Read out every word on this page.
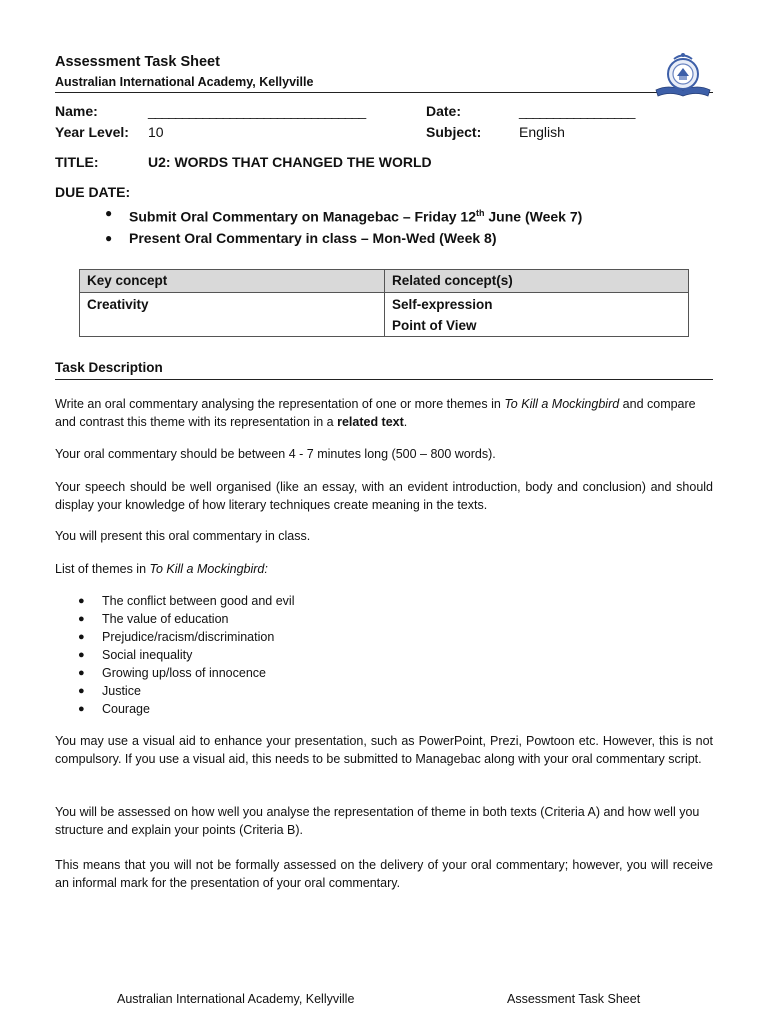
Assessment Task Sheet
Australian International Academy, Kellyville
Name:	________________________________	Date:	_________________
Year Level: 10	Subject:	English
TITLE:	U2: WORDS THAT CHANGED THE WORLD
DUE DATE:
● Submit Oral Commentary on Managebac – Friday 12th June (Week 7)
● Present Oral Commentary in class – Mon-Wed (Week 8)
Key concept	Related concept(s)
Creativity	Self-expression
Point of View
Task Description

Write an oral commentary analysing the representation of one or more themes in To Kill a Mockingbird and compare and contrast this theme with its representation in a related text.

Your oral commentary should be between 4 - 7 minutes long (500 – 800 words).

Your speech should be well organised (like an essay, with an evident introduction, body and conclusion) and should display your knowledge of how literary techniques create meaning in the texts.

You will present this oral commentary in class.

List of themes in To Kill a Mockingbird:

● The conflict between good and evil
● The value of education
● Prejudice/racism/discrimination
● Social inequality
● Growing up/loss of innocence
● Justice
● Courage

You may use a visual aid to enhance your presentation, such as PowerPoint, Prezi, Powtoon etc. However, this is not compulsory. If you use a visual aid, this needs to be submitted to Managebac along with your oral commentary script.

You will be assessed on how well you analyse the representation of theme in both texts (Criteria A) and how well you structure and explain your points (Criteria B).

This means that you will not be formally assessed on the delivery of your oral commentary; however, you will receive an informal mark for the presentation of your oral commentary.

Australian International Academy, Kellyville	Assessment Task Sheet
